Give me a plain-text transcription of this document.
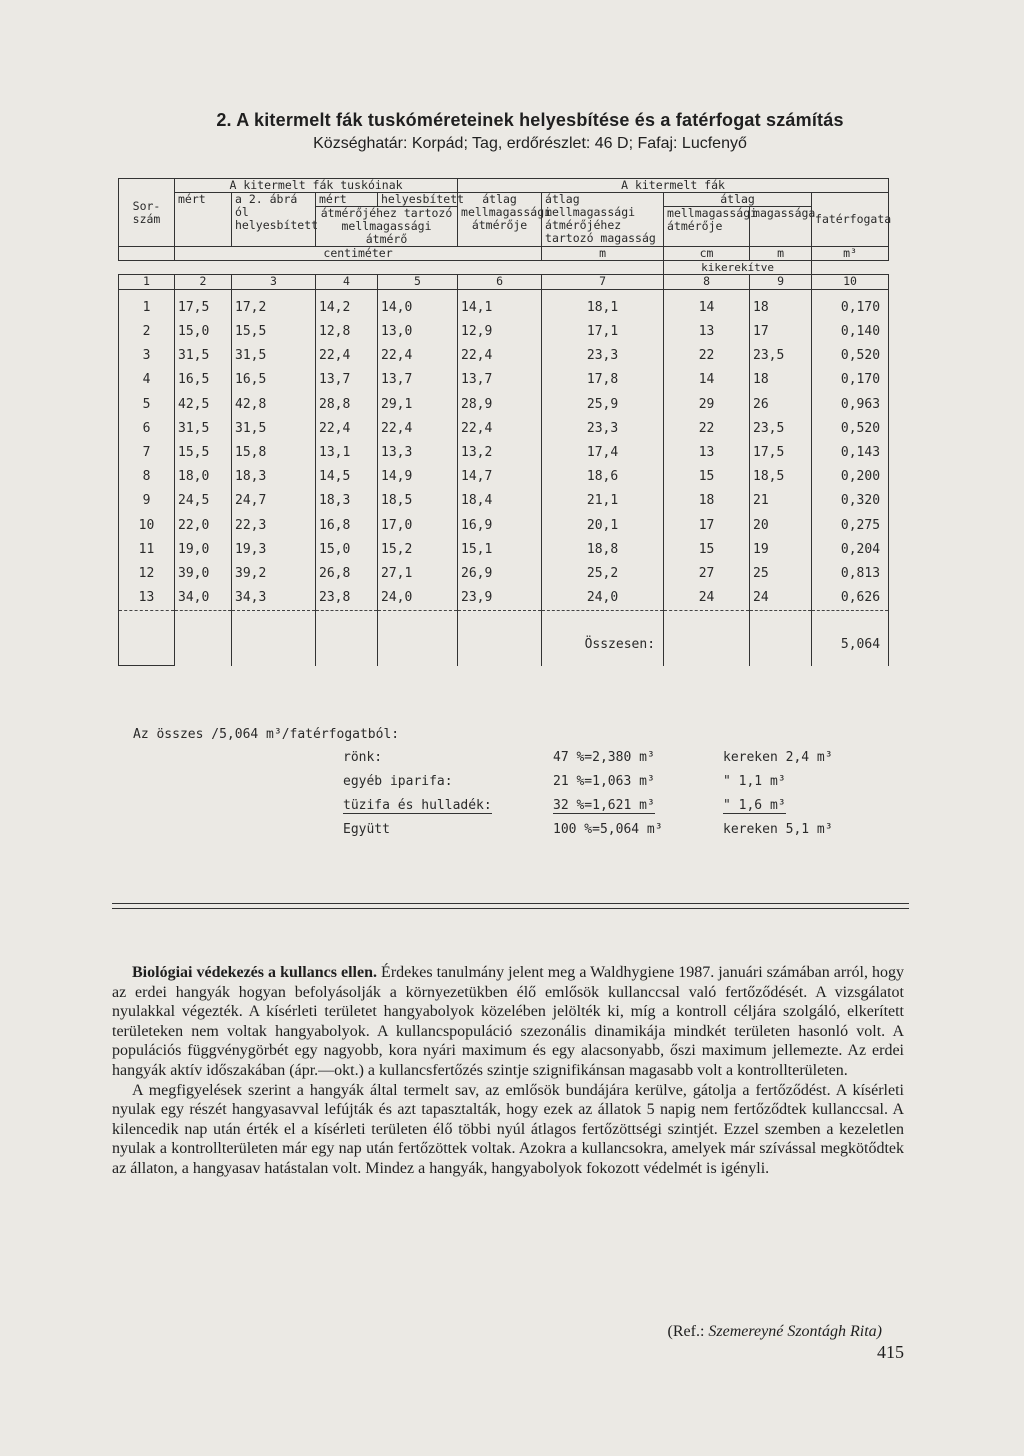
2. A kitermelt fák tuskóméreteinek helyesbítése és a fatérfogat számítás
Községhatár: Korpád; Tag, erdőrészlet: 46 D; Fafaj: Lucfenyő
Sor-szám	A kitermelt fák tuskóinak				A kitermelt fák				
	mért	a 2. ábrá ól helyesbített	mért	helyesbített	átlag mellmagassági átmérője	átlag mellmagassági átmérőjéhez tartozó magasság	átlag		fatérfogata
			átmérőjéhez tartozó mellmagassági átmérő				mellmagassági átmérője	magassága	
	centiméter					m	cm	m	m³
							kikerekítve		
1	2	3	4	5	6	7	8	9	10
1	17,5	17,2	14,2	14,0	14,1	18,1	14	18	0,170
2	15,0	15,5	12,8	13,0	12,9	17,1	13	17	0,140
3	31,5	31,5	22,4	22,4	22,4	23,3	22	23,5	0,520
4	16,5	16,5	13,7	13,7	13,7	17,8	14	18	0,170
5	42,5	42,8	28,8	29,1	28,9	25,9	29	26	0,963
6	31,5	31,5	22,4	22,4	22,4	23,3	22	23,5	0,520
7	15,5	15,8	13,1	13,3	13,2	17,4	13	17,5	0,143
8	18,0	18,3	14,5	14,9	14,7	18,6	15	18,5	0,200
9	24,5	24,7	18,3	18,5	18,4	21,1	18	21	0,320
10	22,0	22,3	16,8	17,0	16,9	20,1	17	20	0,275
11	19,0	19,3	15,0	15,2	15,1	18,8	15	19	0,204
12	39,0	39,2	26,8	27,1	26,9	25,2	27	25	0,813
13	34,0	34,3	23,8	24,0	23,9	24,0	24	24	0,626

						Összesen:			5,064
Az összes /5,064 m³/fatérfogatból:
rönk:	47 %=2,380 m³	kereken 2,4 m³
egyéb iparifa:	21 %=1,063 m³	" 1,1 m³
tüzifa és hulladék:	32 %=1,621 m³	" 1,6 m³
Együtt	100 %=5,064 m³	kereken 5,1 m³

Biológiai védekezés a kullancs ellen. Érdekes tanulmány jelent meg a Waldhygiene 1987. januári számában arról, hogy az erdei hangyák hogyan befolyásolják a környezetükben élő emlősök kullanccsal való fertőződését. A vizsgálatot nyulakkal végezték. A kísérleti területet hangyabolyok közelében jelölték ki, míg a kontroll céljára szolgáló, elkerített területeken nem voltak hangyabolyok. A kullancspopuláció szezonális dinamikája mindkét területen hasonló volt. A populációs függvénygörbét egy nagyobb, kora nyári maximum és egy alacsonyabb, őszi maximum jellemezte. Az erdei hangyák aktív időszakában (ápr.—okt.) a kullancsfertőzés szintje szignifikánsan magasabb volt a kontrollterületen.

A megfigyelések szerint a hangyák által termelt sav, az emlősök bundájára kerülve, gátolja a fertőződést. A kísérleti nyulak egy részét hangyasavval lefújták és azt tapasztalták, hogy ezek az állatok 5 napig nem fertőződtek kullanccsal. A kilencedik nap után érték el a kísérleti területen élő többi nyúl átlagos fertőzöttségi szintjét. Ezzel szemben a kezeletlen nyulak a kontrollterületen már egy nap után fertőzöttek voltak. Azokra a kullancsokra, amelyek már szívással megkötődtek az állaton, a hangyasav hatástalan volt. Mindez a hangyák, hangyabolyok fokozott védelmét is igényli.

(Ref.: Szemereyné Szontágh Rita)
415
